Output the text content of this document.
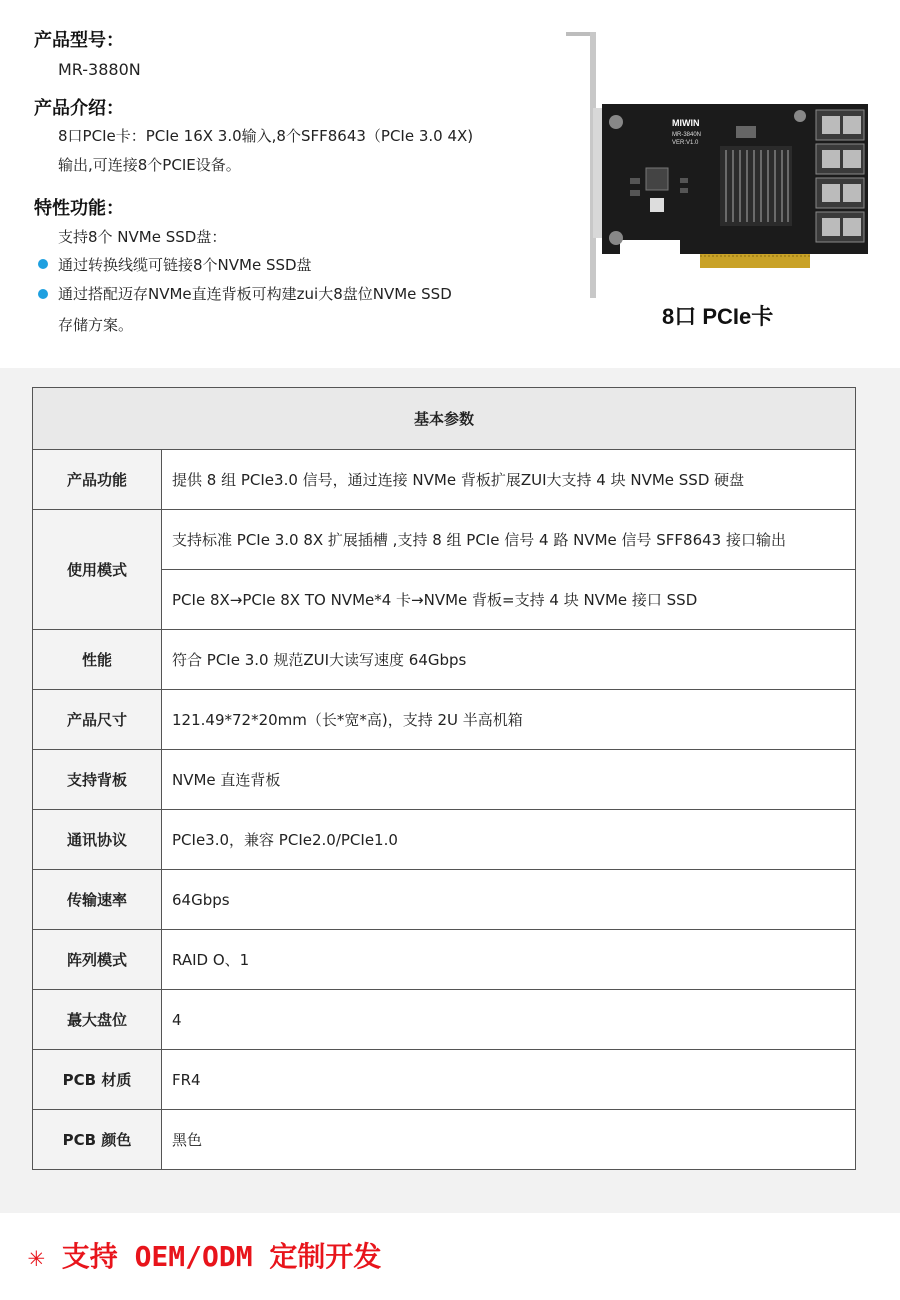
产品型号：
MR-3880N
产品介绍：
8口PCIe卡：PCIe 16X 3.0输入,8个SFF8643（PCIe 3.0 4X)
输出,可连接8个PCIE设备。
特性功能：
支持8个 NVMe SSD盘：
通过转换线缆可链接8个NVMe SSD盘
通过搭配迈存NVMe直连背板可构建zui大8盘位NVMe SSD
存储方案。
MIWIN
MR-3840N
VER:V1.0
8口 PCIe卡
基本参数	
产品功能	提供 8 组 PCIe3.0 信号，通过连接 NVMe 背板扩展ZUI大支持 4 块 NVMe SSD 硬盘
使用模式	支持标准 PCIe 3.0 8X 扩展插槽 ,支持 8 组 PCIe 信号 4 路 NVMe 信号 SFF8643 接口输出
	PCIe 8X→PCIe 8X TO NVMe*4 卡→NVMe 背板=支持 4 块 NVMe 接口 SSD
性能	符合 PCIe 3.0 规范ZUI大读写速度 64Gbps
产品尺寸	121.49*72*20mm（长*宽*高)，支持 2U 半高机箱
支持背板	NVMe 直连背板
通讯协议	PCIe3.0，兼容 PCIe2.0/PCIe1.0
传输速率	64Gbps
阵列模式	RAID O、1
蕞大盘位	4
PCB 材质	FR4
PCB 颜色	黑色
✳ 支持 OEM/ODM 定制开发
